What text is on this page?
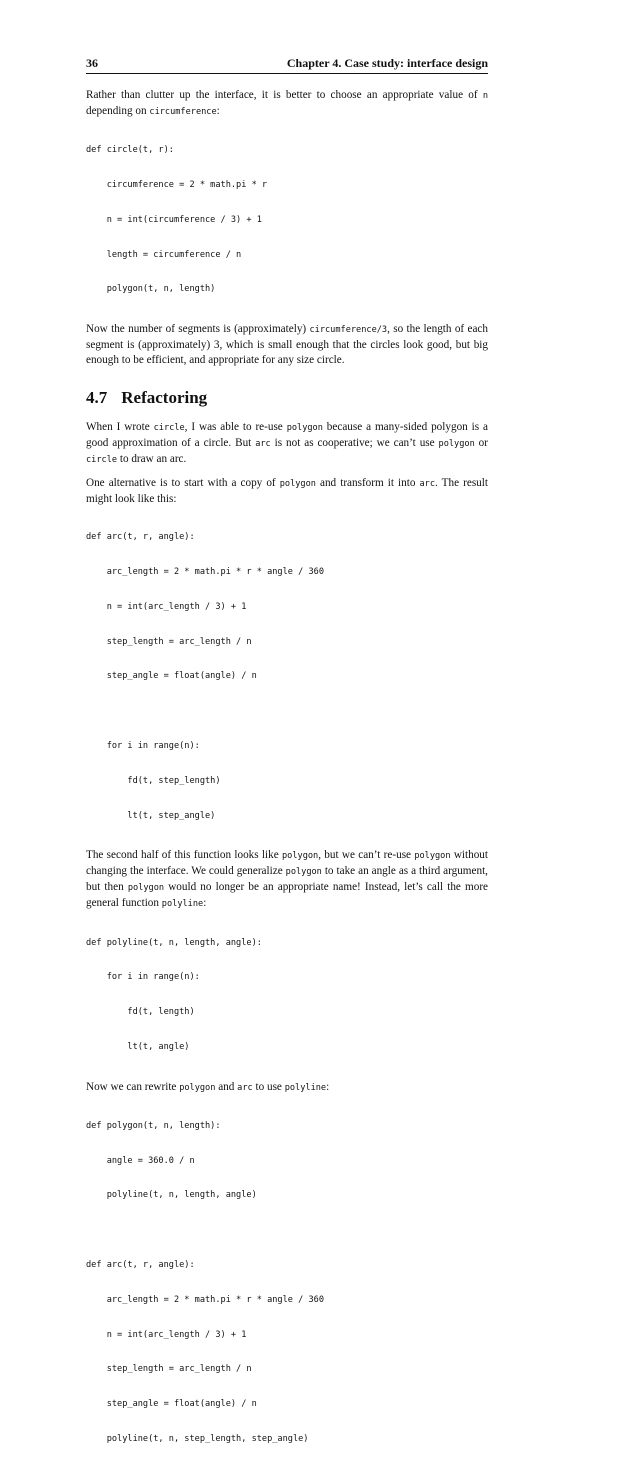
36	Chapter 4. Case study: interface design

Rather than clutter up the interface, it is better to choose an appropriate value of n depending on circumference:

def circle(t, r):

circumference = 2 * math.pi * r

n = int(circumference / 3) + 1

length = circumference / n

polygon(t, n, length)

Now the number of segments is (approximately) circumference/3, so the length of each segment is (approximately) 3, which is small enough that the circles look good, but big enough to be efficient, and appropriate for any size circle.

4.7 Refactoring

When I wrote circle, I was able to re-use polygon because a many-sided polygon is a good approximation of a circle. But arc is not as cooperative; we can’t use polygon or circle to draw an arc.

One alternative is to start with a copy of polygon and transform it into arc. The result might look like this:

def arc(t, r, angle):

arc_length = 2 * math.pi * r * angle / 360

n = int(arc_length / 3) + 1

step_length = arc_length / n

step_angle = float(angle) / n

for i in range(n):

fd(t, step_length)

lt(t, step_angle)

The second half of this function looks like polygon, but we can’t re-use polygon without changing the interface. We could generalize polygon to take an angle as a third argument, but then polygon would no longer be an appropriate name! Instead, let’s call the more general function polyline:

def polyline(t, n, length, angle):

for i in range(n):

fd(t, length)

lt(t, angle)

Now we can rewrite polygon and arc to use polyline:

def polygon(t, n, length):

angle = 360.0 / n

polyline(t, n, length, angle)

def arc(t, r, angle):

arc_length = 2 * math.pi * r * angle / 360

n = int(arc_length / 3) + 1

step_length = arc_length / n

step_angle = float(angle) / n

polyline(t, n, step_length, step_angle)
